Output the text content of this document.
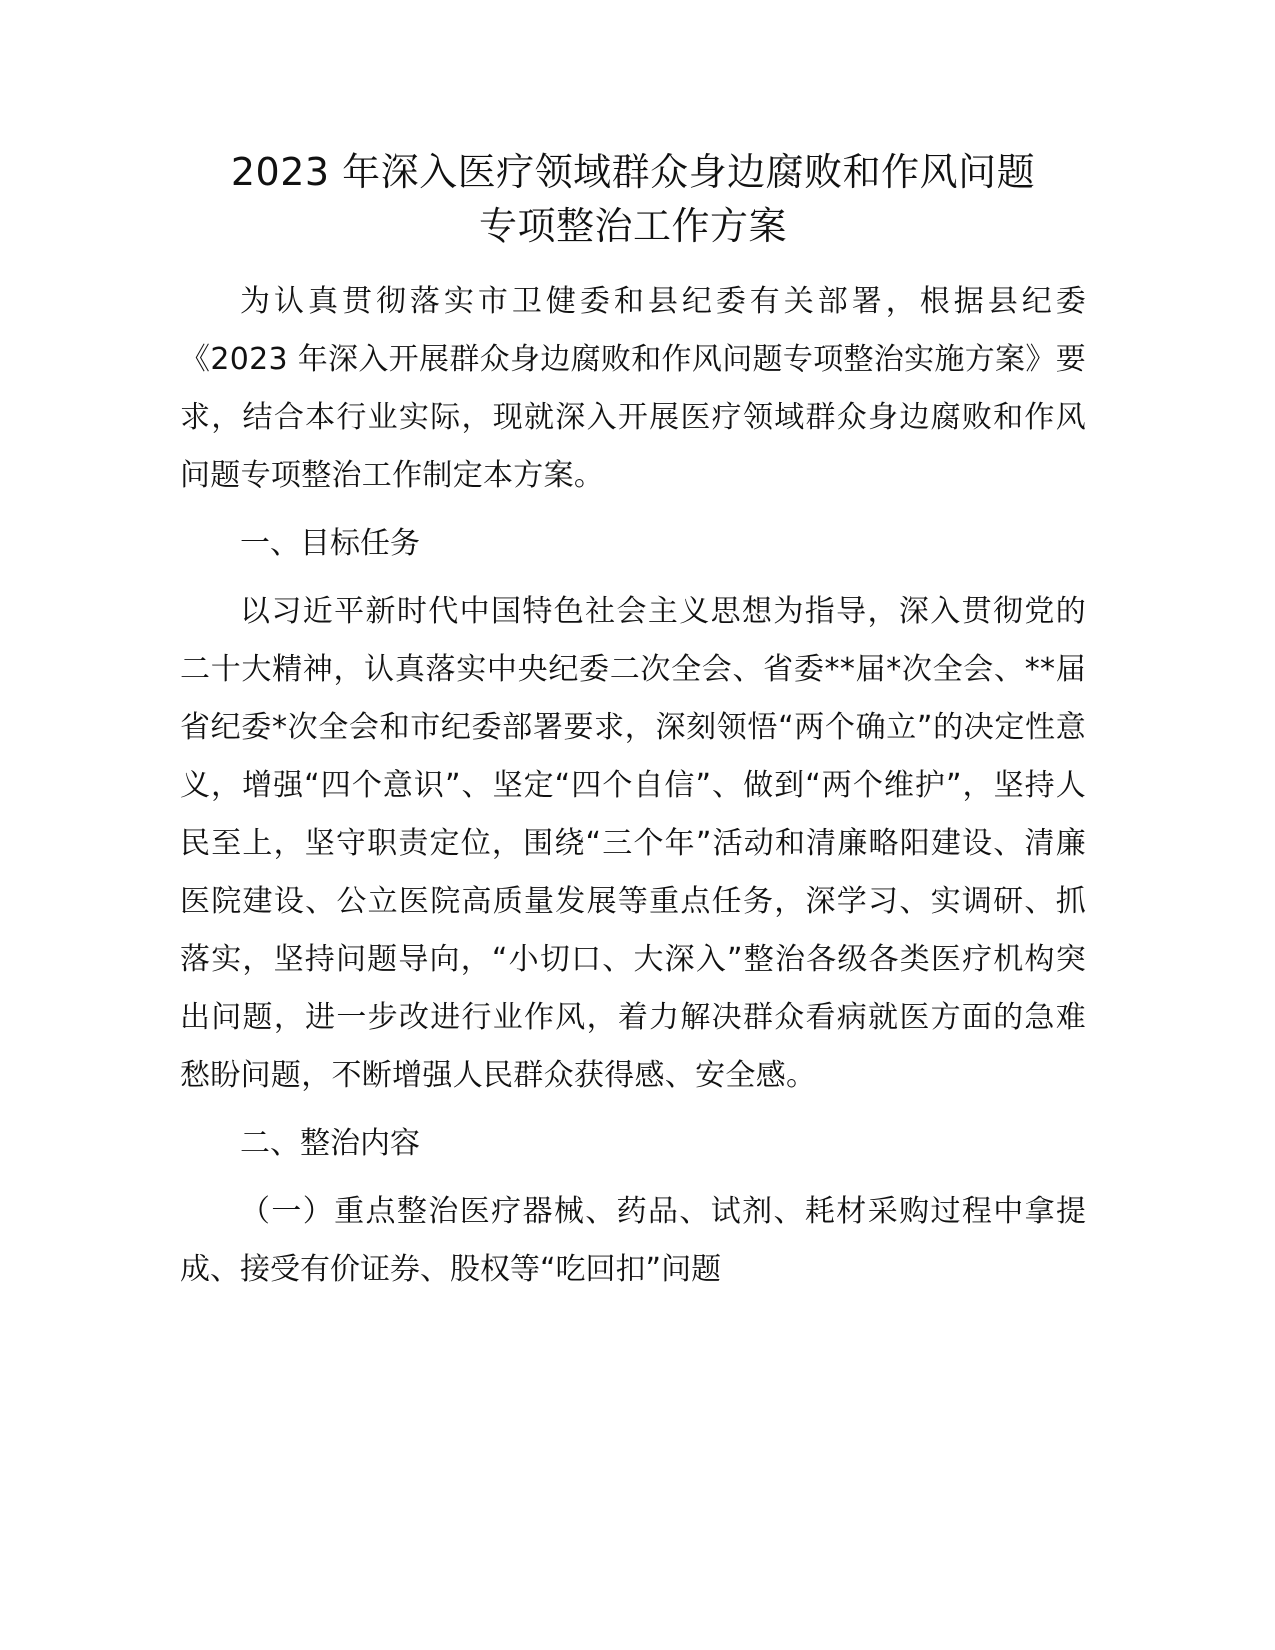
2023 年深入医疗领域群众身边腐败和作风问题
专项整治工作方案

为认真贯彻落实市卫健委和县纪委有关部署，根据县纪委《2023 年深入开展群众身边腐败和作风问题专项整治实施方案》要求，结合本行业实际，现就深入开展医疗领域群众身边腐败和作风问题专项整治工作制定本方案。

一、目标任务

以习近平新时代中国特色社会主义思想为指导，深入贯彻党的二十大精神，认真落实中央纪委二次全会、省委**届*次全会、**届省纪委*次全会和市纪委部署要求，深刻领悟“两个确立”的决定性意义，增强“四个意识”、坚定“四个自信”、做到“两个维护”，坚持人民至上，坚守职责定位，围绕“三个年”活动和清廉略阳建设、清廉医院建设、公立医院高质量发展等重点任务，深学习、实调研、抓落实，坚持问题导向，“小切口、大深入”整治各级各类医疗机构突出问题，进一步改进行业作风，着力解决群众看病就医方面的急难愁盼问题，不断增强人民群众获得感、安全感。

二、整治内容

（一）重点整治医疗器械、药品、试剂、耗材采购过程中拿提成、接受有价证券、股权等“吃回扣”问题
